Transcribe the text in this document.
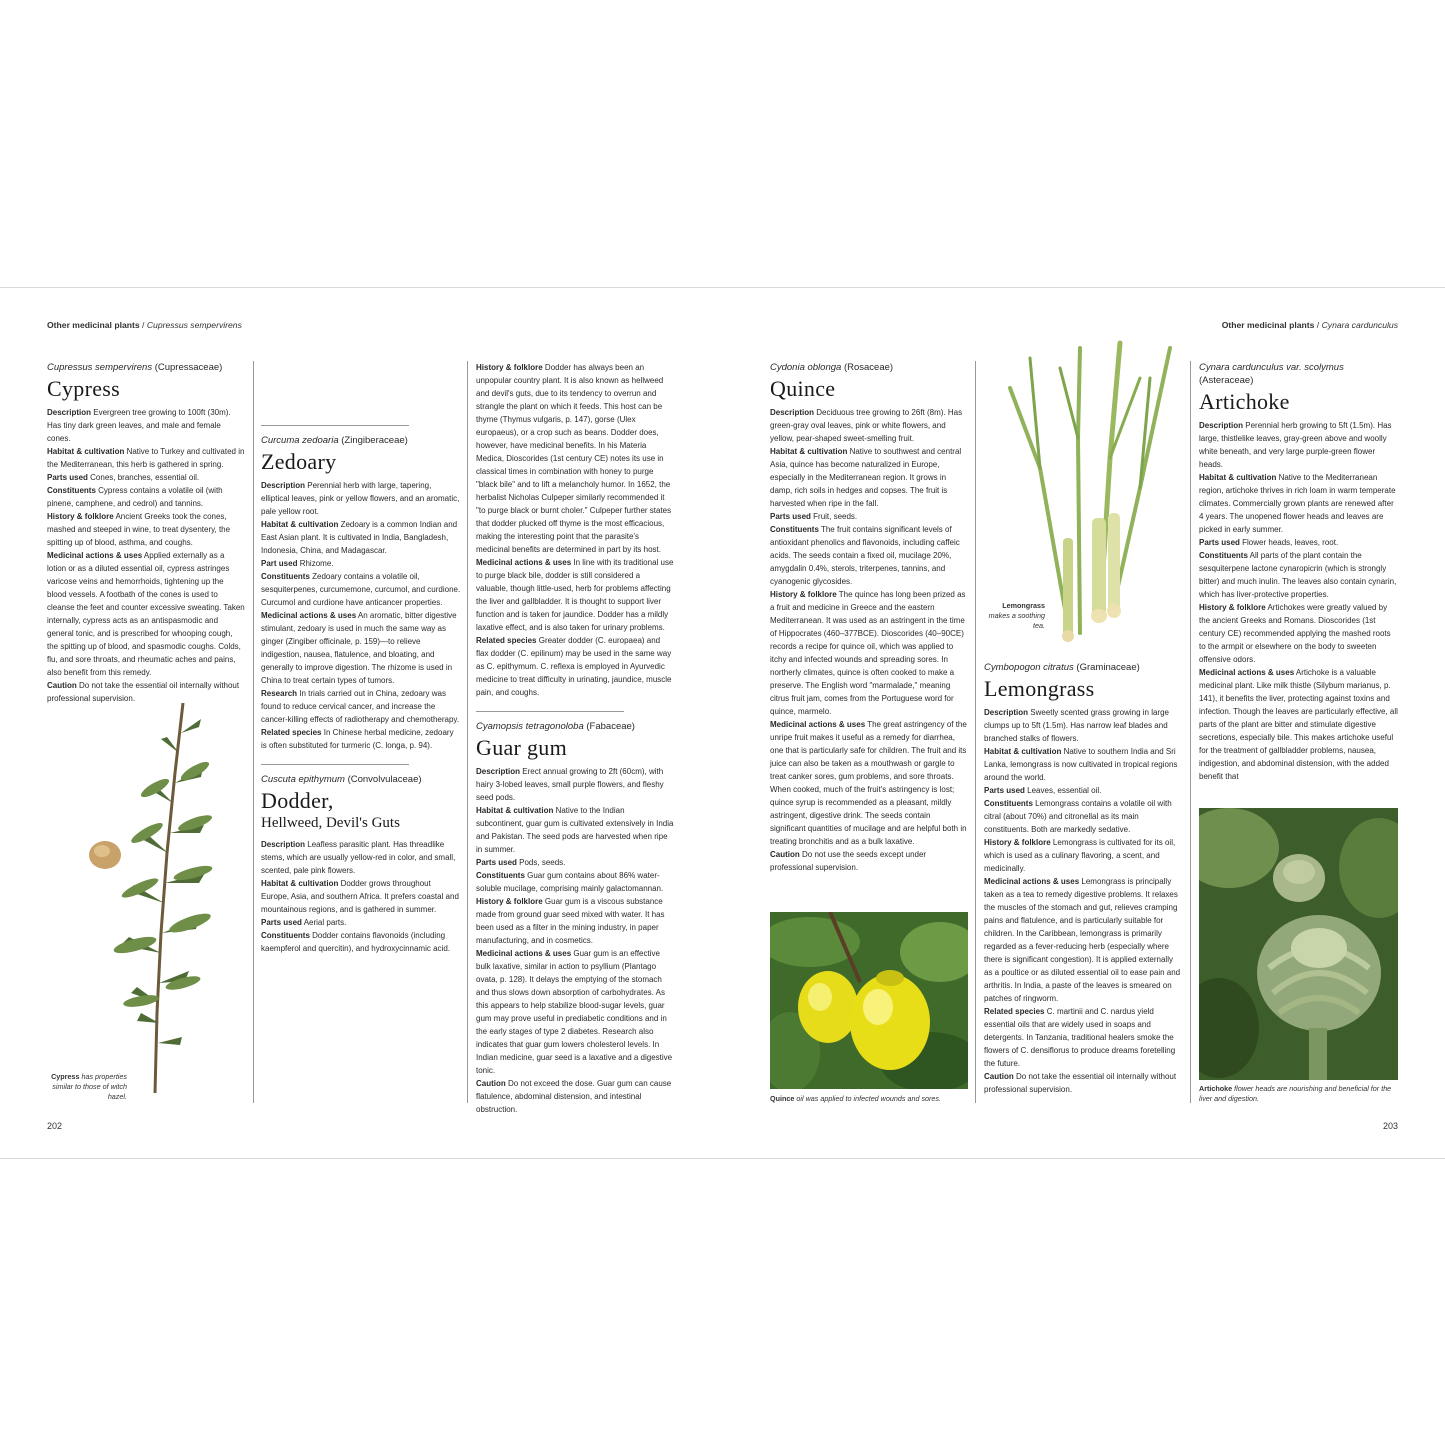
Other medicinal plants / Cupressus sempervirens	Other medicinal plants / Cynara cardunculus

Cupressus sempervirens (Cupressaceae)

Cypress

Description Evergreen tree growing to 100ft (30m). Has tiny dark green leaves, and male and female cones.

Habitat & cultivation Native to Turkey and cultivated in the Mediterranean, this herb is gathered in spring.

Parts used Cones, branches, essential oil.

Constituents Cypress contains a volatile oil (with pinene, camphene, and cedrol) and tannins.

History & folklore Ancient Greeks took the cones, mashed and steeped in wine, to treat dysentery, the spitting up of blood, asthma, and coughs.

Medicinal actions & uses Applied externally as a lotion or as a diluted essential oil, cypress astringes varicose veins and hemorrhoids, tightening up the blood vessels. A footbath of the cones is used to cleanse the feet and counter excessive sweating. Taken internally, cypress acts as an antispasmodic and general tonic, and is prescribed for whooping cough, the spitting up of blood, and spasmodic coughs. Colds, flu, and sore throats, and rheumatic aches and pains, also benefit from this remedy.

Caution Do not take the essential oil internally without professional supervision.

Cypress has properties similar to those of witch hazel.

Curcuma zedoaria (Zingiberaceae)

Zedoary

Description Perennial herb with large, tapering, elliptical leaves, pink or yellow flowers, and an aromatic, pale yellow root.

Habitat & cultivation Zedoary is a common Indian and East Asian plant. It is cultivated in India, Bangladesh, Indonesia, China, and Madagascar.

Part used Rhizome.

Constituents Zedoary contains a volatile oil, sesquiterpenes, curcumemone, curcumol, and curdione. Curcumol and curdione have anticancer properties.

Medicinal actions & uses An aromatic, bitter digestive stimulant, zedoary is used in much the same way as ginger (Zingiber officinale, p. 159)—to relieve indigestion, nausea, flatulence, and bloating, and generally to improve digestion. The rhizome is used in China to treat certain types of tumors.

Research In trials carried out in China, zedoary was found to reduce cervical cancer, and increase the cancer-killing effects of radiotherapy and chemotherapy.

Related species In Chinese herbal medicine, zedoary is often substituted for turmeric (C. longa, p. 94).

Cuscuta epithymum (Convolvulaceae)

Dodder,

Hellweed, Devil's Guts

Description Leafless parasitic plant. Has threadlike stems, which are usually yellow-red in color, and small, scented, pale pink flowers.

Habitat & cultivation Dodder grows throughout Europe, Asia, and southern Africa. It prefers coastal and mountainous regions, and is gathered in summer.

Parts used Aerial parts.

Constituents Dodder contains flavonoids (including kaempferol and quercitin), and hydroxycinnamic acid.

History & folklore Dodder has always been an unpopular country plant. It is also known as hellweed and devil's guts, due to its tendency to overrun and strangle the plant on which it feeds. This host can be thyme (Thymus vulgaris, p. 147), gorse (Ulex europaeus), or a crop such as beans. Dodder does, however, have medicinal benefits. In his Materia Medica, Dioscorides (1st century CE) notes its use in classical times in combination with honey to purge "black bile" and to lift a melancholy humor. In 1652, the herbalist Nicholas Culpeper similarly recommended it "to purge black or burnt choler." Culpeper further states that dodder plucked off thyme is the most efficacious, making the interesting point that the parasite's medicinal benefits are determined in part by its host.

Medicinal actions & uses In line with its traditional use to purge black bile, dodder is still considered a valuable, though little-used, herb for problems affecting the liver and gallbladder. It is thought to support liver function and is taken for jaundice. Dodder has a mildly laxative effect, and is also taken for urinary problems.

Related species Greater dodder (C. europaea) and flax dodder (C. epilinum) may be used in the same way as C. epithymum. C. reflexa is employed in Ayurvedic medicine to treat difficulty in urinating, jaundice, muscle pain, and coughs.

Cyamopsis tetragonoloba (Fabaceae)

Guar gum

Description Erect annual growing to 2ft (60cm), with hairy 3-lobed leaves, small purple flowers, and fleshy seed pods.

Habitat & cultivation Native to the Indian subcontinent, guar gum is cultivated extensively in India and Pakistan. The seed pods are harvested when ripe in summer.

Parts used Pods, seeds.

Constituents Guar gum contains about 86% water-soluble mucilage, comprising mainly galactomannan.

History & folklore Guar gum is a viscous substance made from ground guar seed mixed with water. It has been used as a filter in the mining industry, in paper manufacturing, and in cosmetics.

Medicinal actions & uses Guar gum is an effective bulk laxative, similar in action to psyllium (Plantago ovata, p. 128). It delays the emptying of the stomach and thus slows down absorption of carbohydrates. As this appears to help stabilize blood-sugar levels, guar gum may prove useful in prediabetic conditions and in the early stages of type 2 diabetes. Research also indicates that guar gum lowers cholesterol levels. In Indian medicine, guar seed is a laxative and a digestive tonic.

Caution Do not exceed the dose. Guar gum can cause flatulence, abdominal distension, and intestinal obstruction.

Cydonia oblonga (Rosaceae)

Quince

Description Deciduous tree growing to 26ft (8m). Has green-gray oval leaves, pink or white flowers, and yellow, pear-shaped sweet-smelling fruit.

Habitat & cultivation Native to southwest and central Asia, quince has become naturalized in Europe, especially in the Mediterranean region. It grows in damp, rich soils in hedges and copses. The fruit is harvested when ripe in the fall.

Parts used Fruit, seeds.

Constituents The fruit contains significant levels of antioxidant phenolics and flavonoids, including caffeic acids. The seeds contain a fixed oil, mucilage 20%, amygdalin 0.4%, sterols, triterpenes, tannins, and cyanogenic glycosides.

History & folklore The quince has long been prized as a fruit and medicine in Greece and the eastern Mediterranean. It was used as an astringent in the time of Hippocrates (460–377BCE). Dioscorides (40–90CE) records a recipe for quince oil, which was applied to itchy and infected wounds and spreading sores. In northerly climates, quince is often cooked to make a preserve. The English word "marmalade," meaning citrus fruit jam, comes from the Portuguese word for quince, marmelo.

Medicinal actions & uses The great astringency of the unripe fruit makes it useful as a remedy for diarrhea, one that is particularly safe for children. The fruit and its juice can also be taken as a mouthwash or gargle to treat canker sores, gum problems, and sore throats. When cooked, much of the fruit's astringency is lost; quince syrup is recommended as a pleasant, mildly astringent, digestive drink. The seeds contain significant quantities of mucilage and are helpful both in treating bronchitis and as a bulk laxative.

Caution Do not use the seeds except under professional supervision.

Quince oil was applied to infected wounds and sores.
Lemongrass makes a soothing tea.

Cymbopogon citratus (Graminaceae)

Lemongrass

Description Sweetly scented grass growing in large clumps up to 5ft (1.5m). Has narrow leaf blades and branched stalks of flowers.

Habitat & cultivation Native to southern India and Sri Lanka, lemongrass is now cultivated in tropical regions around the world.

Parts used Leaves, essential oil.

Constituents Lemongrass contains a volatile oil with citral (about 70%) and citronellal as its main constituents. Both are markedly sedative.

History & folklore Lemongrass is cultivated for its oil, which is used as a culinary flavoring, a scent, and medicinally.

Medicinal actions & uses Lemongrass is principally taken as a tea to remedy digestive problems. It relaxes the muscles of the stomach and gut, relieves cramping pains and flatulence, and is particularly suitable for children. In the Caribbean, lemongrass is primarily regarded as a fever-reducing herb (especially where there is significant congestion). It is applied externally as a poultice or as diluted essential oil to ease pain and arthritis. In India, a paste of the leaves is smeared on patches of ringworm.

Related species C. martinii and C. nardus yield essential oils that are widely used in soaps and detergents. In Tanzania, traditional healers smoke the flowers of C. densiflorus to produce dreams foretelling the future.

Caution Do not take the essential oil internally without professional supervision.

Cynara cardunculus var. scolymus (Asteraceae)

Artichoke

Description Perennial herb growing to 5ft (1.5m). Has large, thistlelike leaves, gray-green above and woolly white beneath, and very large purple-green flower heads.

Habitat & cultivation Native to the Mediterranean region, artichoke thrives in rich loam in warm temperate climates. Commercially grown plants are renewed after 4 years. The unopened flower heads and leaves are picked in early summer.

Parts used Flower heads, leaves, root.

Constituents All parts of the plant contain the sesquiterpene lactone cynaropicrin (which is strongly bitter) and much inulin. The leaves also contain cynarin, which has liver-protective properties.

History & folklore Artichokes were greatly valued by the ancient Greeks and Romans. Dioscorides (1st century CE) recommended applying the mashed roots to the armpit or elsewhere on the body to sweeten offensive odors.

Medicinal actions & uses Artichoke is a valuable medicinal plant. Like milk thistle (Silybum marianus, p. 141), it benefits the liver, protecting against toxins and infection. Though the leaves are particularly effective, all parts of the plant are bitter and stimulate digestive secretions, especially bile. This makes artichoke useful for the treatment of gallbladder problems, nausea, indigestion, and abdominal distension, with the added benefit that

Artichoke flower heads are nourishing and beneficial for the liver and digestion.
202	203
